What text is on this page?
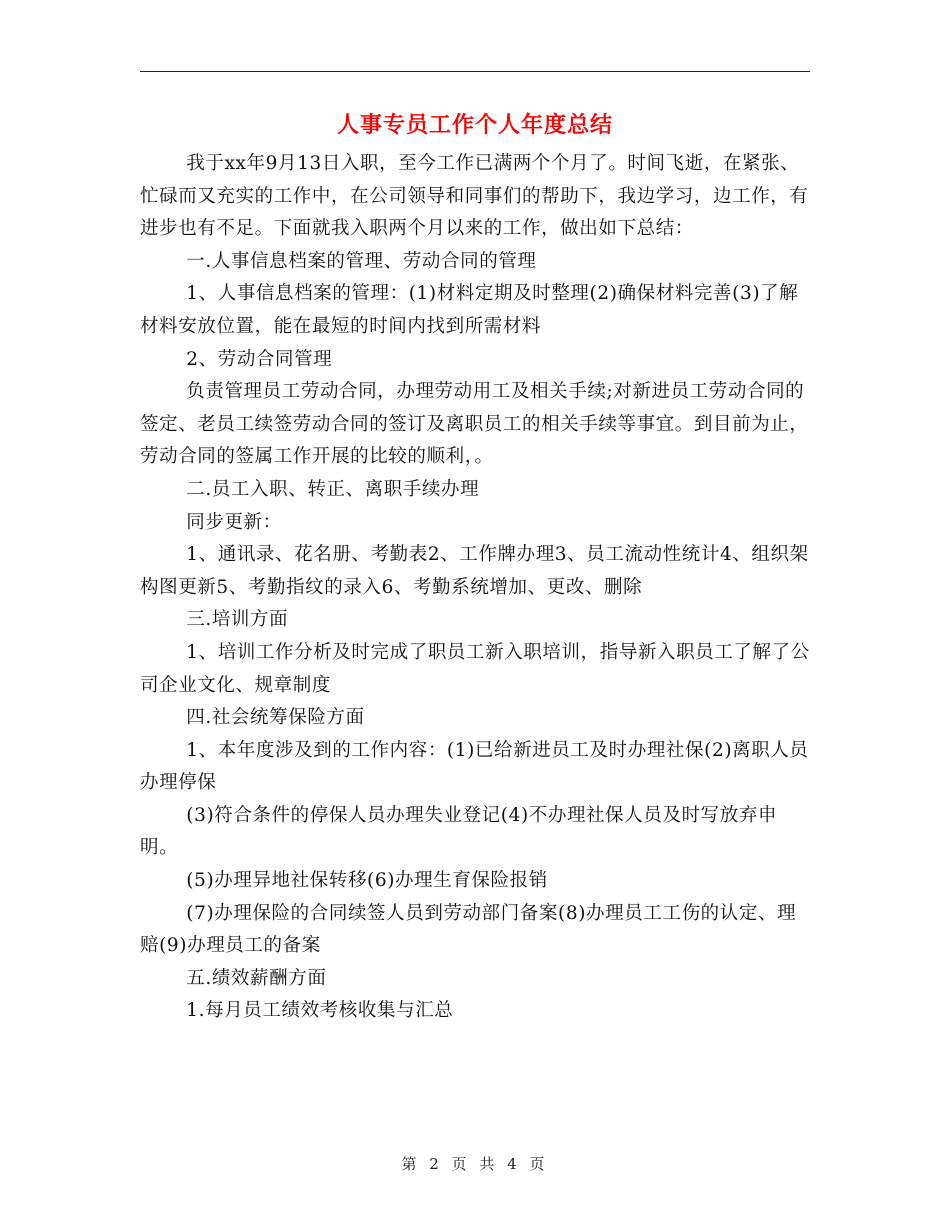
人事专员工作个人年度总结

我于xx年9月13日入职，至今工作已满两个个月了。时间飞逝，在紧张、忙碌而又充实的工作中，在公司领导和同事们的帮助下，我边学习，边工作，有进步也有不足。下面就我入职两个月以来的工作，做出如下总结：

一.人事信息档案的管理、劳动合同的管理

1、人事信息档案的管理：(1)材料定期及时整理(2)确保材料完善(3)了解材料安放位置，能在最短的时间内找到所需材料

2、劳动合同管理

负责管理员工劳动合同，办理劳动用工及相关手续;对新进员工劳动合同的签定、老员工续签劳动合同的签订及离职员工的相关手续等事宜。到目前为止，劳动合同的签属工作开展的比较的顺利，。

二.员工入职、转正、离职手续办理

同步更新：

1、通讯录、花名册、考勤表2、工作牌办理3、员工流动性统计4、组织架构图更新5、考勤指纹的录入6、考勤系统增加、更改、删除

三.培训方面

1、培训工作分析及时完成了职员工新入职培训，指导新入职员工了解了公司企业文化、规章制度

四.社会统筹保险方面

1、本年度涉及到的工作内容：(1)已给新进员工及时办理社保(2)离职人员办理停保

(3)符合条件的停保人员办理失业登记(4)不办理社保人员及时写放弃申明。

(5)办理异地社保转移(6)办理生育保险报销

(7)办理保险的合同续签人员到劳动部门备案(8)办理员工工伤的认定、理赔(9)办理员工的备案

五.绩效薪酬方面

1.每月员工绩效考核收集与汇总

第 2 页 共 4 页
